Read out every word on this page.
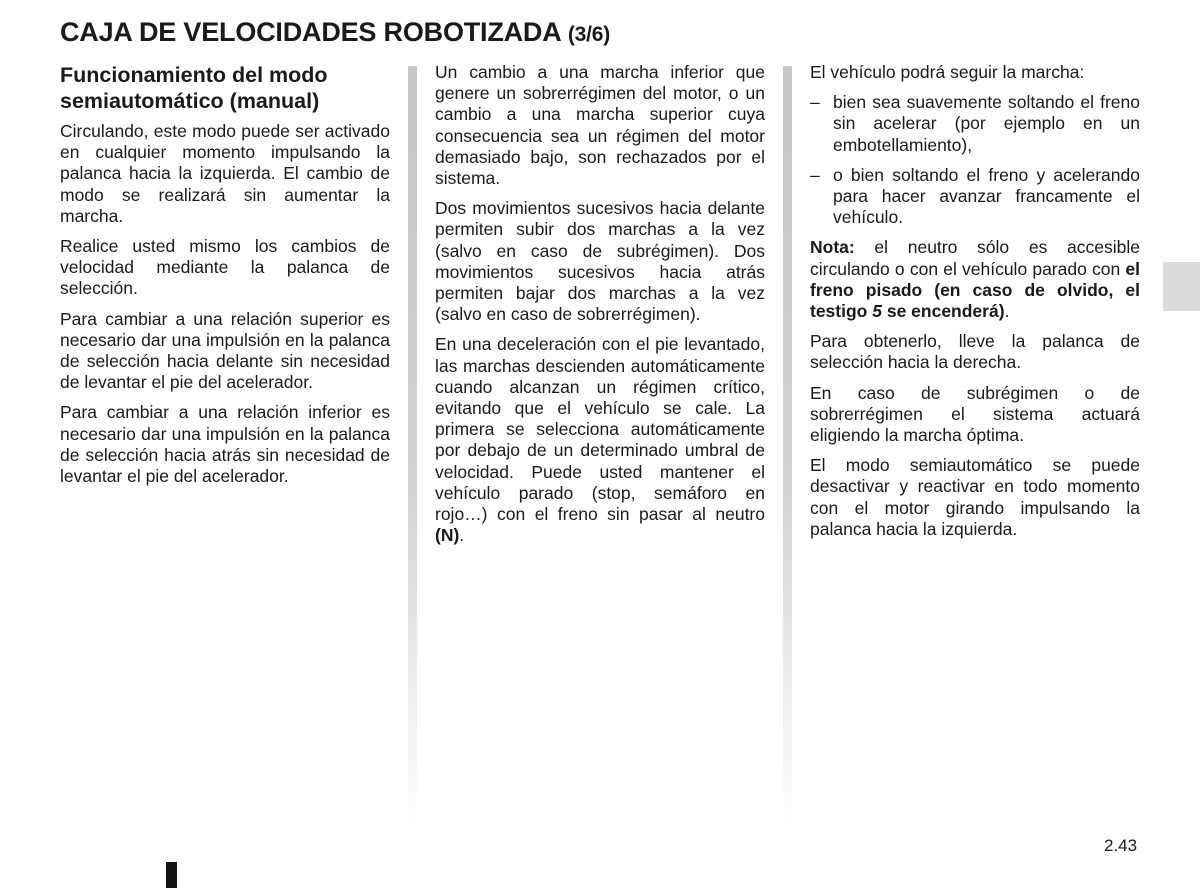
CAJA DE VELOCIDADES ROBOTIZADA (3/6)
Funcionamiento del modo semiautomático (manual)

Circulando, este modo puede ser activado en cualquier momento impulsando la palanca hacia la izquierda. El cambio de modo se realizará sin aumentar la marcha.

Realice usted mismo los cambios de velocidad mediante la palanca de selección.

Para cambiar a una relación superior es necesario dar una impulsión en la palanca de selección hacia delante sin necesidad de levantar el pie del acelerador.

Para cambiar a una relación inferior es necesario dar una impulsión en la palanca de selección hacia atrás sin necesidad de levantar el pie del acelerador.

Un cambio a una marcha inferior que genere un sobrerrégimen del motor, o un cambio a una marcha superior cuya consecuencia sea un régimen del motor demasiado bajo, son rechazados por el sistema.

Dos movimientos sucesivos hacia delante permiten subir dos marchas a la vez (salvo en caso de subrégimen). Dos movimientos sucesivos hacia atrás permiten bajar dos marchas a la vez (salvo en caso de sobrerrégimen).

En una deceleración con el pie levantado, las marchas descienden automáticamente cuando alcanzan un régimen crítico, evitando que el vehículo se cale. La primera se selecciona automáticamente por debajo de un determinado umbral de velocidad. Puede usted mantener el vehículo parado (stop, semáforo en rojo…) con el freno sin pasar al neutro (N).

El vehículo podrá seguir la marcha:

– bien sea suavemente soltando el freno sin acelerar (por ejemplo en un embotellamiento),
– o bien soltando el freno y acelerando para hacer avanzar francamente el vehículo.

Nota: el neutro sólo es accesible circulando o con el vehículo parado con el freno pisado (en caso de olvido, el testigo 5 se encenderá).

Para obtenerlo, lleve la palanca de selección hacia la derecha.

En caso de subrégimen o de sobrerrégimen el sistema actuará eligiendo la marcha óptima.

El modo semiautomático se puede desactivar y reactivar en todo momento con el motor girando impulsando la palanca hacia la izquierda.

2.43
